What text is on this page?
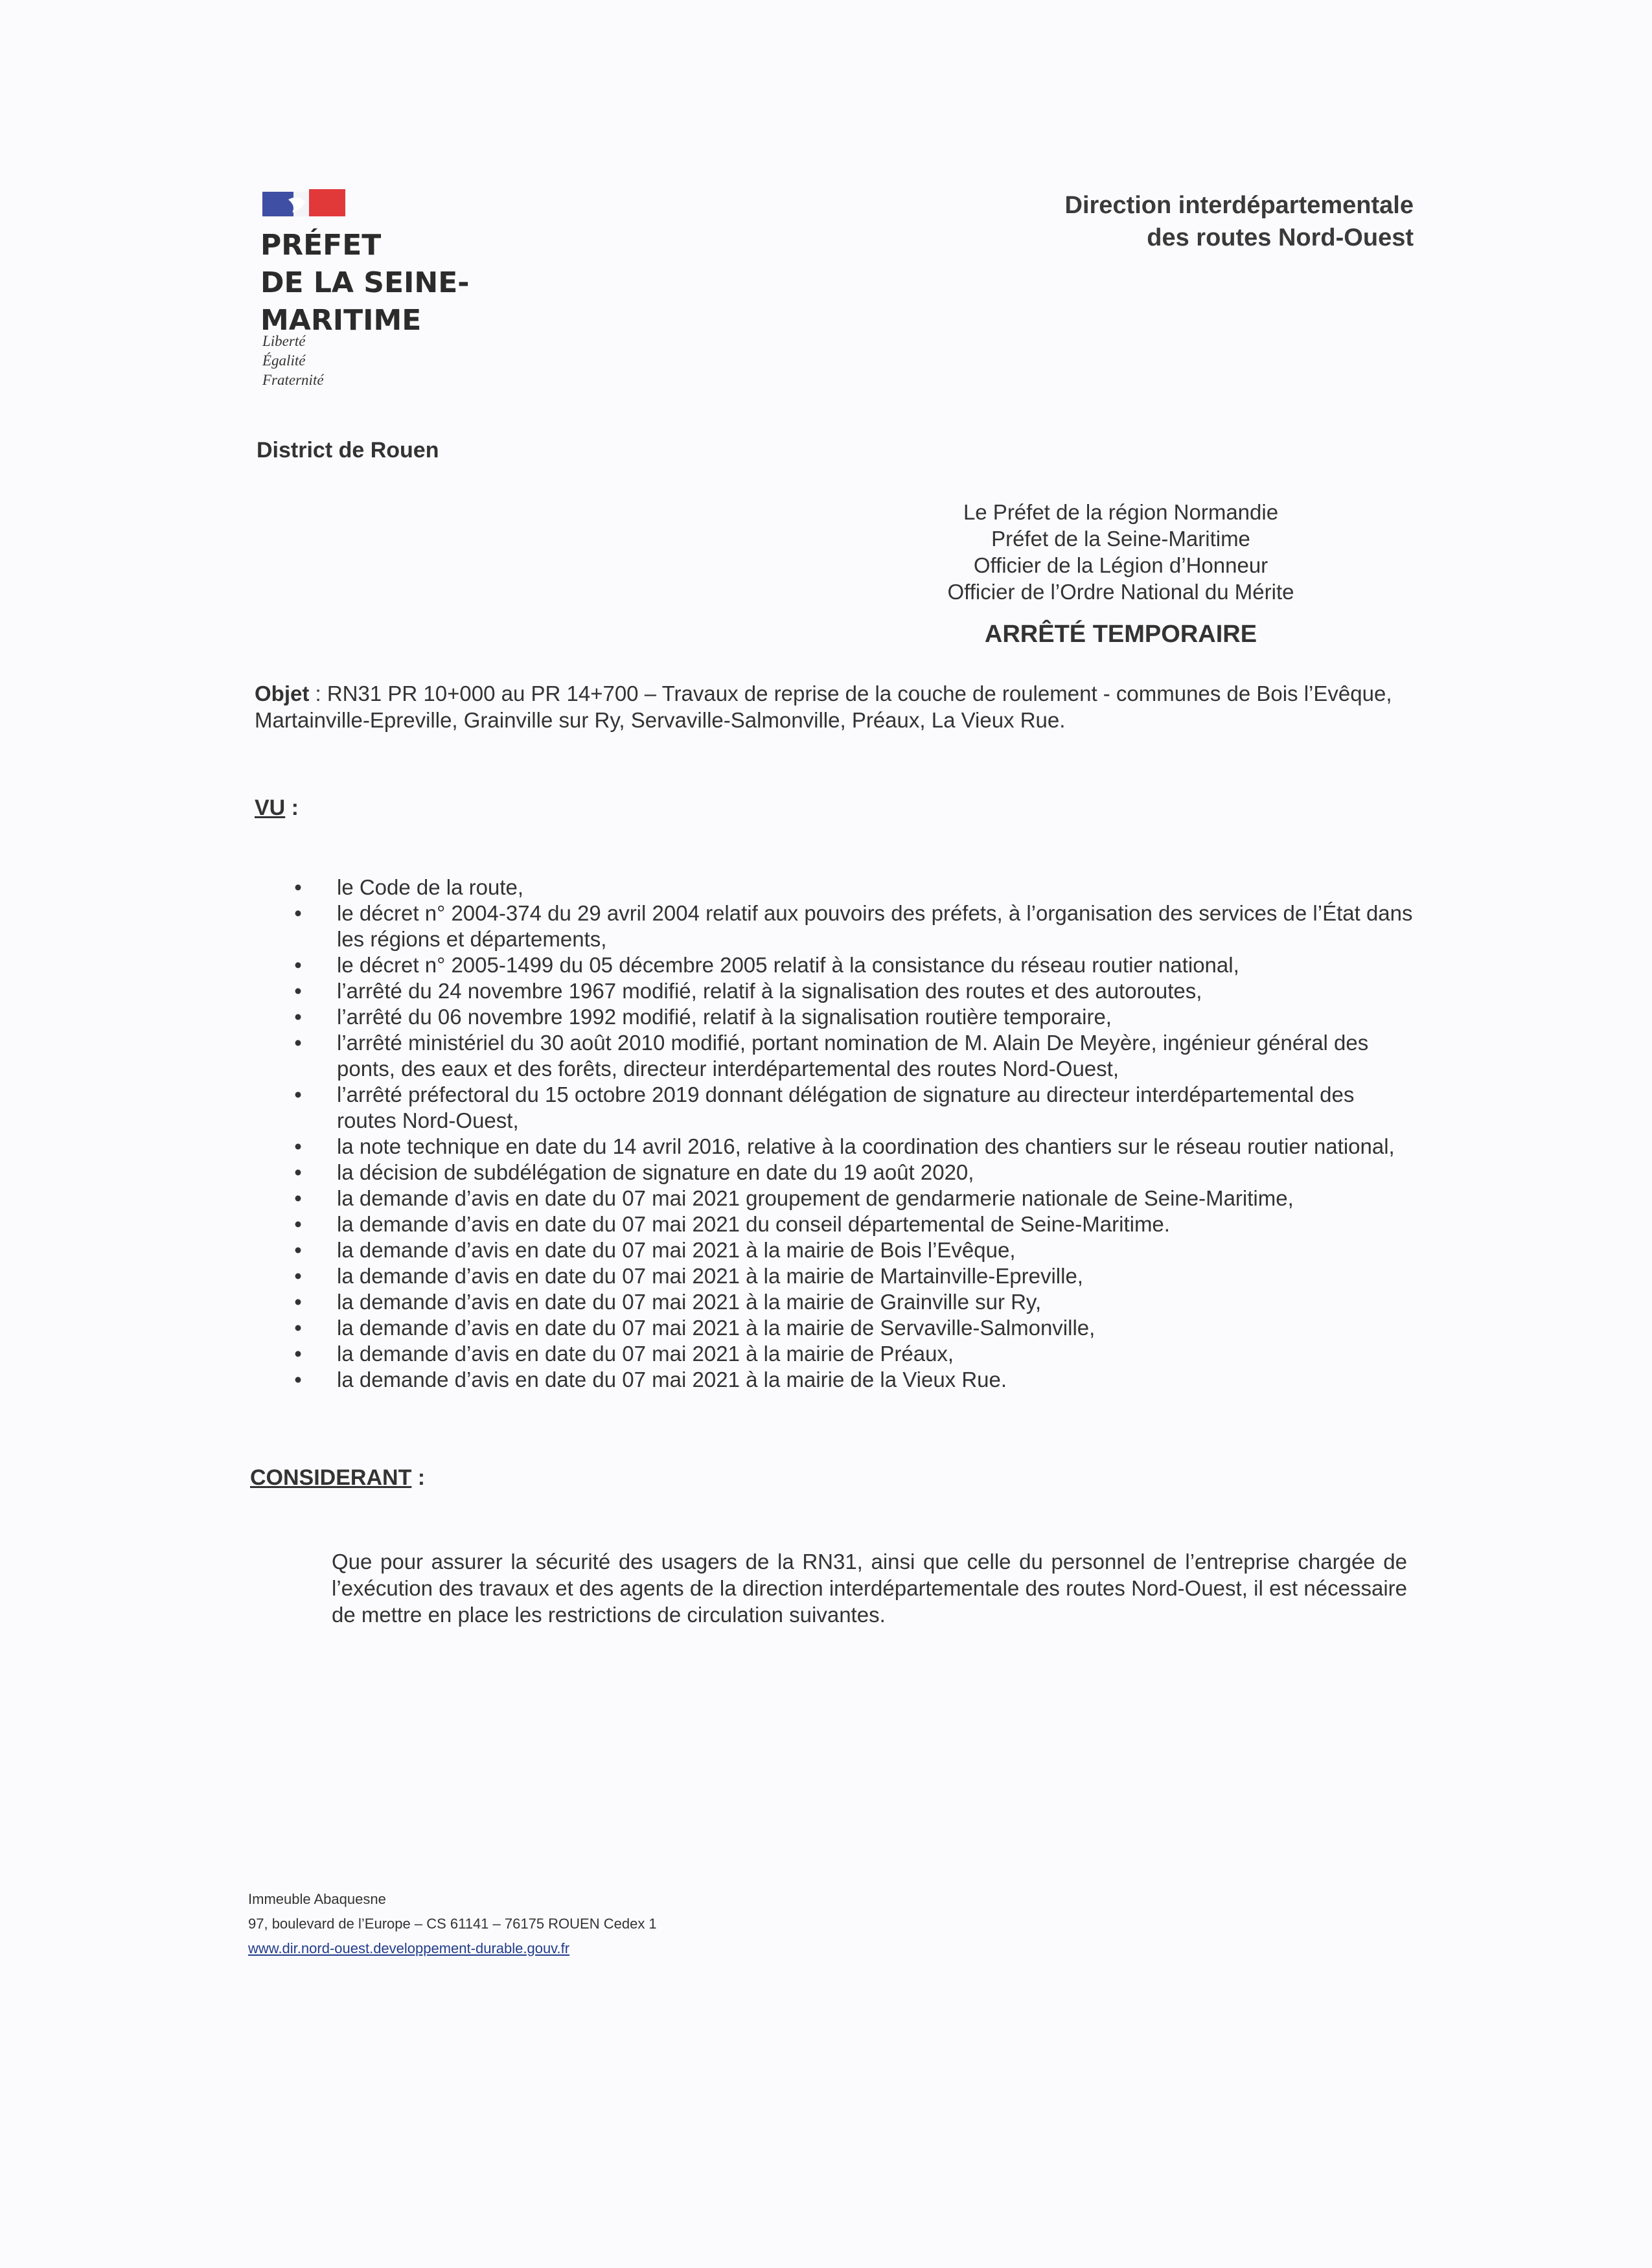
PRÉFET
DE LA SEINE-
MARITIME
Liberté
Égalité
Fraternité
Direction interdépartementale
des routes Nord-Ouest
District de Rouen
Le Préfet de la région Normandie
Préfet de la Seine-Maritime
Officier de la Légion d’Honneur
Officier de l’Ordre National du Mérite
ARRÊTÉ TEMPORAIRE
Objet : RN31 PR 10+000 au PR 14+700 – Travaux de reprise de la couche de roulement - communes de Bois l’Evêque, Martainville-Epreville, Grainville sur Ry, Servaville-Salmonville, Préaux, La Vieux Rue.
VU :
• le Code de la route,
• le décret n° 2004-374 du 29 avril 2004 relatif aux pouvoirs des préfets, à l’organisation des services de l’État dans les régions et départements,
• le décret n° 2005-1499 du 05 décembre 2005 relatif à la consistance du réseau routier national,
• l’arrêté du 24 novembre 1967 modifié, relatif à la signalisation des routes et des autoroutes,
• l’arrêté du 06 novembre 1992 modifié, relatif à la signalisation routière temporaire,
• l’arrêté ministériel du 30 août 2010 modifié, portant nomination de M. Alain De Meyère, ingénieur général des ponts, des eaux et des forêts, directeur interdépartemental des routes Nord-Ouest,
• l’arrêté préfectoral du 15 octobre 2019 donnant délégation de signature au directeur interdépartemental des routes Nord-Ouest,
• la note technique en date du 14 avril 2016, relative à la coordination des chantiers sur le réseau routier national,
• la décision de subdélégation de signature en date du 19 août 2020,
• la demande d’avis en date du 07 mai 2021 groupement de gendarmerie nationale de Seine-Maritime,
• la demande d’avis en date du 07 mai 2021 du conseil départemental de Seine-Maritime.
• la demande d’avis en date du 07 mai 2021 à la mairie de Bois l’Evêque,
• la demande d’avis en date du 07 mai 2021 à la mairie de Martainville-Epreville,
• la demande d’avis en date du 07 mai 2021 à la mairie de Grainville sur Ry,
• la demande d’avis en date du 07 mai 2021 à la mairie de Servaville-Salmonville,
• la demande d’avis en date du 07 mai 2021 à la mairie de Préaux,
• la demande d’avis en date du 07 mai 2021 à la mairie de la Vieux Rue.
CONSIDERANT :
Que pour assurer la sécurité des usagers de la RN31, ainsi que celle du personnel de l’entreprise chargée de l’exécution des travaux et des agents de la direction interdépartementale des routes Nord-Ouest, il est nécessaire de mettre en place les restrictions de circulation suivantes.
Immeuble Abaquesne
97, boulevard de l’Europe – CS 61141 – 76175 ROUEN Cedex 1
www.dir.nord-ouest.developpement-durable.gouv.fr
